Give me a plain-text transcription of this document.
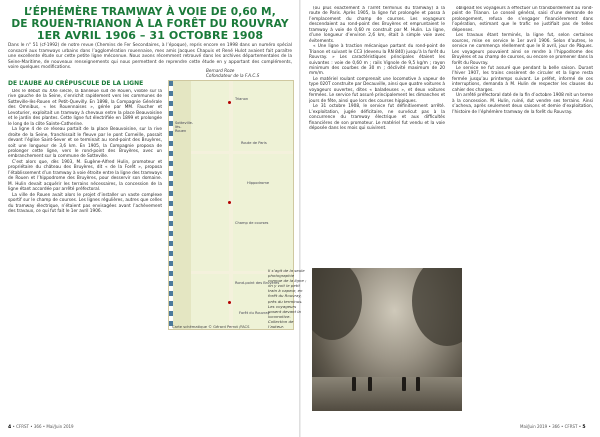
L’ÉPHÉMÈRE TRAMWAY À VOIE DE 0,60 M,
DE ROUEN-TRIANON À LA FORÊT DU ROUVRAY
1ER AVRIL 1906 – 31 OCTOBRE 1908
Dans le n° 51 (cf-1992) de notre revue (Chemins de Fer Secondaires, à l’époque), repris encore en 1998 dans un numéro spécial consacré aux tramways urbains dans l’agglomération rouennaise, mes amis Jacques Chapuis et René Hulot avaient fait paraître une excellente étude sur cette petite ligne méconnue. Nous avons récemment retrouvé dans les archives départementales de la Seine-Maritime, de nouveaux renseignements qui nous permettent de reprendre cette étude en y apportant des compléments, voire quelques modifications.
Bernard Roze
Cofondateur de la F.A.C.S
DE L’AUBE AU CRÉPUSCULE DE LA LIGNE

Dès le début du XXe siècle, la banlieue sud de Rouen, visible sur la rive gauche de la Seine, s’enrichit rapidement vers les communes de Sotteville-lès-Rouen et Petit-Quevilly. En 1898, la Compagnie Générale des Omnibus, « les Rouennaises », gérée par MM. Faucher et Levoturier, exploitait un tramway à chevaux entre la place Beauvoisine et le jardin des plantes. Cette ligne fut électrifiée en 1899 et prolongée le long de la côte Sainte-Catherine.

La ligne 4 de ce réseau partait de la place Beauvoisine, sur la rive droite de la Seine, franchissait le fleuve par le pont Corneille, passait devant l’église Saint-Sever et se terminait au rond-point des Bruyères, soit une longueur de 3,6 km. En 1905, la Compagnie proposa de prolonger cette ligne, vers le rond-point des Bruyères, avec un embranchement sur la commune de Sotteville.

C’est alors que, dès 1903, M. Eugène-Alfred Hulin, promoteur et propriétaire du château des Bruyères, dit « de la Forêt », proposa l’établissement d’un tramway à voie étroite entre la ligne des tramways de Rouen et l’hippodrome des Bruyères, pour desservir son domaine. M. Hulin devait acquérir les terrains nécessaires, la concession de la ligne étant accordée par arrêté préfectoral.

La ville de Rouen avait alors le projet d’installer un vaste complexe sportif sur le champ de courses. Les lignes régulières, autres que celles du tramway électrique, n’étaient pas envisagées avant l’achèvement des travaux, ce qui fut fait le 1er avril 1906.

Trianon
Sotteville-lès-Rouen
Route de Paris
Hippodrome
Champ de courses
Rond-point des Bruyères
Forêt du Rouvray
Carte schématique © Gérard Perrot /FACS

(ou plus exactement à l’arrêt terminus du tramway) à la route de Paris. Après 1905, la ligne fut prolongée et passa à l’emplacement du champ de courses. Les voyageurs descendaient au rond-point des Bruyères et empruntaient le tramway à voie de 0,60 m construit par M. Hulin. La ligne, d’une longueur d’environ 2,6 km, était à simple voie avec évitements.

« Une ligne à traction mécanique partant du rond-point de Trianon et suivant le CC3 (devenu la RN 840) jusqu’à la forêt du Rouvray. » Les caractéristiques principales étaient les suivantes : voie de 0,60 m ; rails Vignole de 9,5 kg/m ; rayon minimum des courbes de 30 m ; déclivité maximum de 20 mm/m.

Le matériel roulant comprenait une locomotive à vapeur de type 020T construite par Decauville, ainsi que quatre voitures à voyageurs ouvertes, dites « baladeuses », et deux voitures fermées. Le service fut assuré principalement les dimanches et jours de fête, ainsi que lors des courses hippiques.

Le 31 octobre 1908, le service fut définitivement arrêté. L’exploitation, jugée déficitaire, ne survécut pas à la concurrence du tramway électrique et aux difficultés financières de son promoteur. Le matériel fut vendu et la voie déposée dans les mois qui suivirent.

obligeait les voyageurs à effectuer un transbordement au rond-point de Trianon. Le conseil général, saisi d’une demande de prolongement, refusa de s’engager financièrement dans l’opération, estimant que le trafic ne justifiait pas de telles dépenses.

Les travaux étant terminés, la ligne fut, selon certaines sources, mise en service le 1er avril 1906. Selon d’autres, le service ne commença réellement que le 8 avril, jour de Pâques. Les voyageurs pouvaient ainsi se rendre à l’hippodrome des Bruyères et au champ de courses, ou encore se promener dans la forêt du Rouvray.

Le service ne fut assuré que pendant la belle saison. Durant l’hiver 1907, les trains cessèrent de circuler et la ligne resta fermée jusqu’au printemps suivant. Le préfet, informé de ces interruptions, demanda à M. Hulin de respecter les clauses du cahier des charges.

Un arrêté préfectoral daté de la fin d’octobre 1908 mit un terme à la concession. M. Hulin, ruiné, dut vendre ses terrains. Ainsi s’acheva, après seulement deux saisons et demie d’exploitation, l’histoire de l’éphémère tramway de la forêt du Rouvray.

Il s’agit de la seule photographie connue de la ligne ; on y voit le petit train à vapeur, en forêt du Rouvray, près du terminus. Les voyageurs posent devant la locomotive. Collection de l’auteur.
4 • CFRST • 366 • Mai/Juin 2019	Mai/Juin 2019 • 366 • CFRST • 5
